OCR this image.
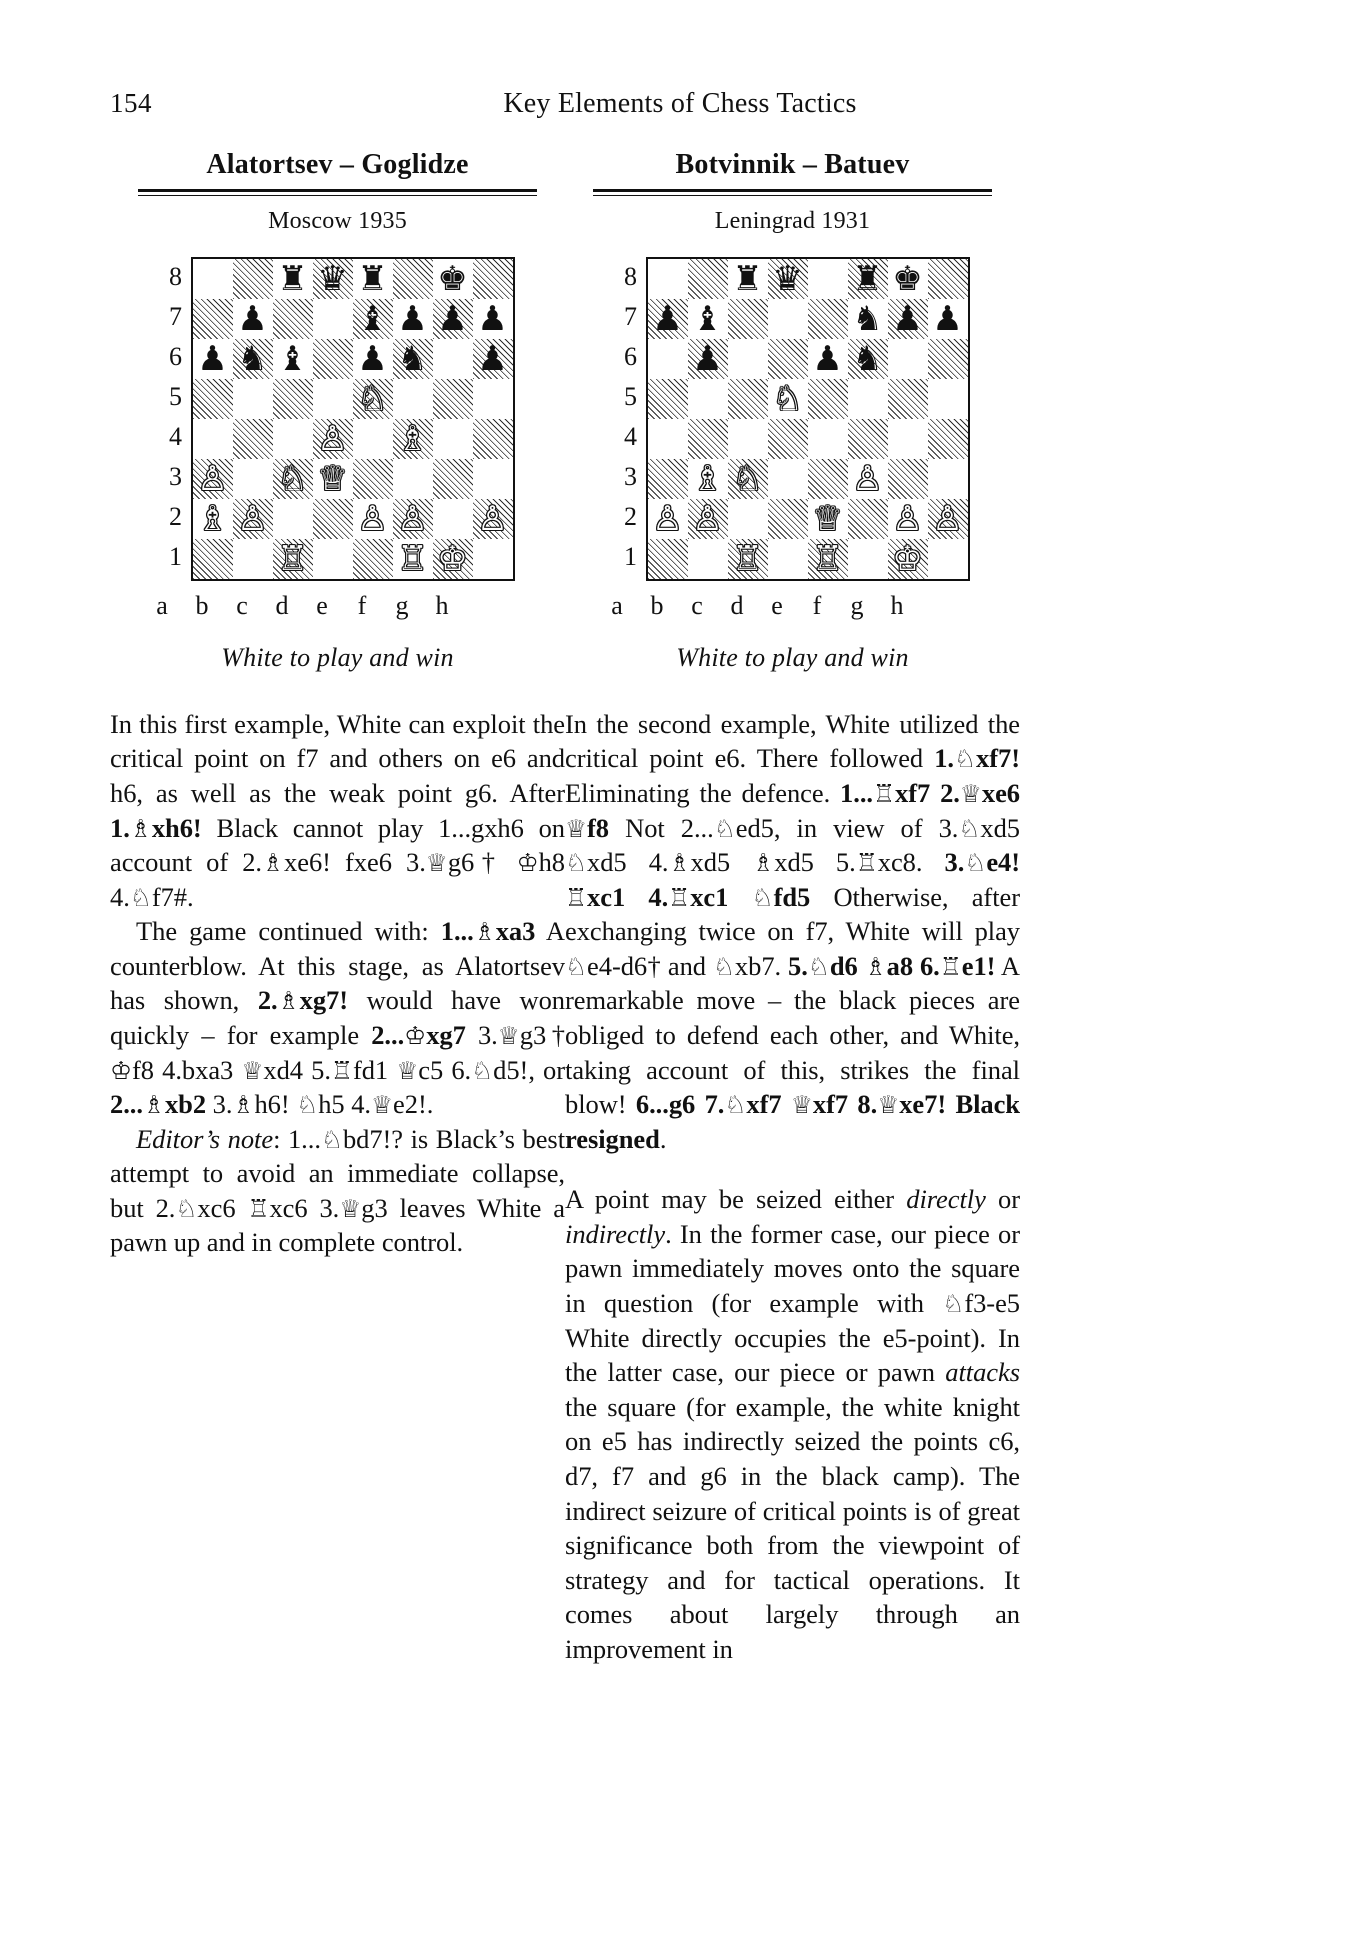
154	Key Elements of Chess Tactics
Alatortsev – Goglidze
Moscow 1935
8
7
6
5
4
3
2
1
♜ ♛ ♜ ♚
♟	♝ ♟ ♟ ♟
♟ ♞ ♝ ♟ ♞ ♟
♘
♙ ♗
♙ ♘ ♕
♗ ♙	♙ ♙ ♙
♖	♖ ♔
a	b	c	d	e	f	g	h
White to play and win

In this first example, White can exploit the critical point on f7 and others on e6 and h6, as well as the weak point g6. After 1.♗xh6! Black cannot play 1...gxh6 on account of 2.♗xe6! fxe6 3.♕g6† ♔h8 4.♘f7#.

The game continued with: 1...♗xa3 A counterblow. At this stage, as Alatortsev has shown, 2.♗xg7! would have won quickly – for example 2...♔xg7 3.♕g3† ♔f8 4.bxa3 ♕xd4 5.♖fd1 ♕c5 6.♘d5!, or 2...♗xb2 3.♗h6! ♘h5 4.♕e2!.

Editor’s note: 1...♘bd7!? is Black’s best attempt to avoid an immediate collapse, but 2.♘xc6 ♖xc6 3.♕g3 leaves White a pawn up and in complete control.

Botvinnik – Batuev
Leningrad 1931
8
7
6
5
4
3
2
1
♜ ♛ ♜ ♚
♟ ♝	♞ ♟ ♟
♟	♟ ♞
♘
♗ ♘	♙
♙ ♙	♕ ♙ ♙
♖ ♖ ♔
a	b	c	d	e	f	g	h
White to play and win

In the second example, White utilized the critical point e6. There followed 1.♘xf7! Eliminating the defence. 1...♖xf7 2.♕xe6 ♕f8 Not 2...♘ed5, in view of 3.♘xd5 ♘xd5 4.♗xd5 ♗xd5 5.♖xc8. 3.♘e4! ♖xc1 4.♖xc1 ♘fd5 Otherwise, after exchanging twice on f7, White will play ♘e4-d6† and ♘xb7. 5.♘d6 ♗a8 6.♖e1! A remarkable move – the black pieces are obliged to defend each other, and White, taking account of this, strikes the final blow! 6...g6 7.♘xf7 ♕xf7 8.♕xe7! Black resigned.

A point may be seized either directly or indirectly. In the former case, our piece or pawn immediately moves onto the square in question (for example with ♘f3-e5 White directly occupies the e5-point). In the latter case, our piece or pawn attacks the square (for example, the white knight on e5 has indirectly seized the points c6, d7, f7 and g6 in the black camp). The indirect seizure of critical points is of great significance both from the viewpoint of strategy and for tactical operations. It comes about largely through an improvement in
